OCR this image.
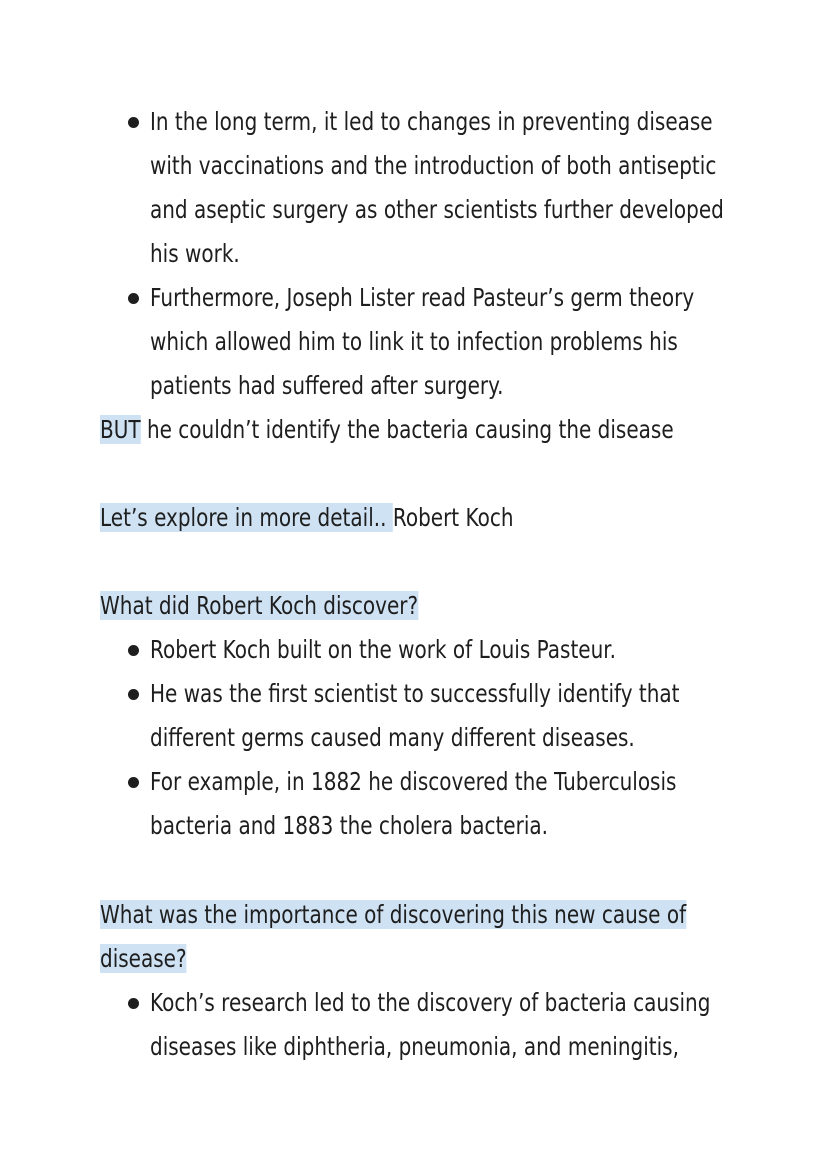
In the long term, it led to changes in preventing disease
with vaccinations and the introduction of both antiseptic
and aseptic surgery as other scientists further developed
his work.
Furthermore, Joseph Lister read Pasteur’s germ theory
which allowed him to link it to infection problems his
patients had suffered after surgery.
BUT he couldn’t identify the bacteria causing the disease
Let’s explore in more detail.. Robert Koch
What did Robert Koch discover?
Robert Koch built on the work of Louis Pasteur.
He was the first scientist to successfully identify that
different germs caused many different diseases.
For example, in 1882 he discovered the Tuberculosis
bacteria and 1883 the cholera bacteria.
What was the importance of discovering this new cause of
disease?
Koch’s research led to the discovery of bacteria causing
diseases like diphtheria, pneumonia, and meningitis,
